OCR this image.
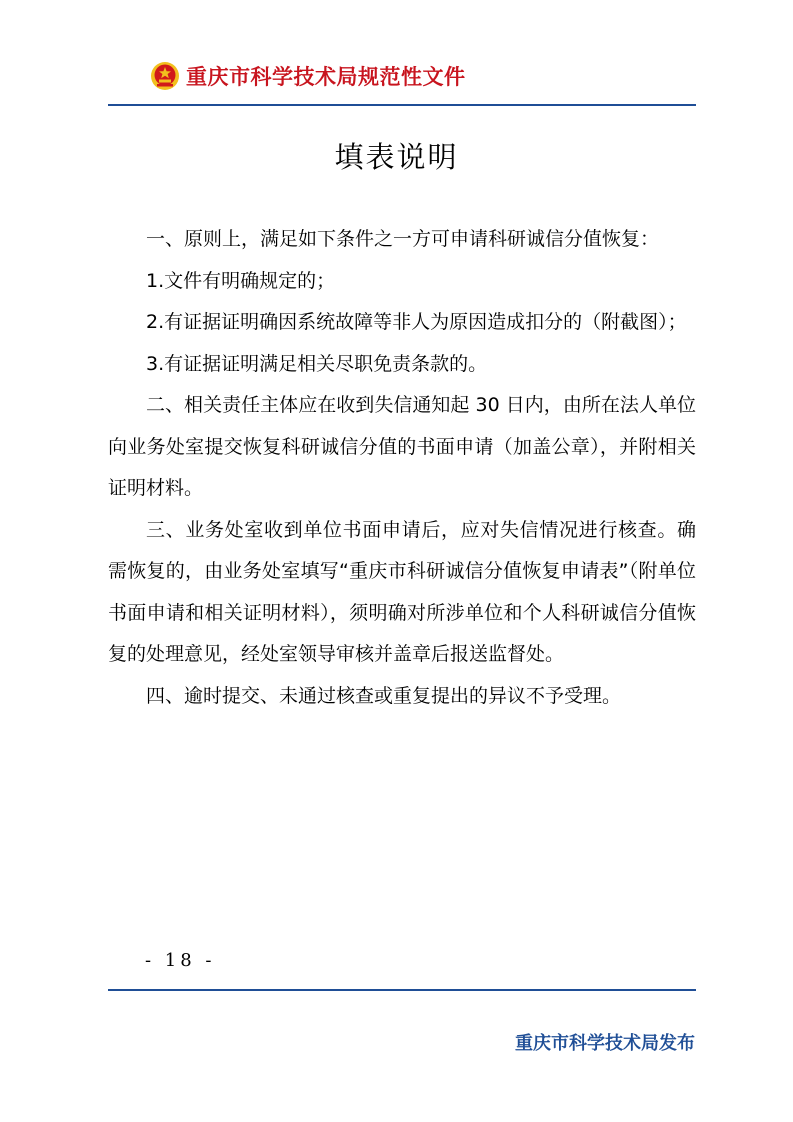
重庆市科学技术局规范性文件
填表说明

一、原则上，满足如下条件之一方可申请科研诚信分值恢复：

1.文件有明确规定的；

2.有证据证明确因系统故障等非人为原因造成扣分的（附截图）；

3.有证据证明满足相关尽职免责条款的。

二、相关责任主体应在收到失信通知起 30 日内，由所在法人单位向业务处室提交恢复科研诚信分值的书面申请（加盖公章），并附相关证明材料。

三、业务处室收到单位书面申请后，应对失信情况进行核查。确需恢复的，由业务处室填写“重庆市科研诚信分值恢复申请表”（附单位书面申请和相关证明材料），须明确对所涉单位和个人科研诚信分值恢复的处理意见，经处室领导审核并盖章后报送监督处。

四、逾时提交、未通过核查或重复提出的异议不予受理。

- 18 -
重庆市科学技术局发布
